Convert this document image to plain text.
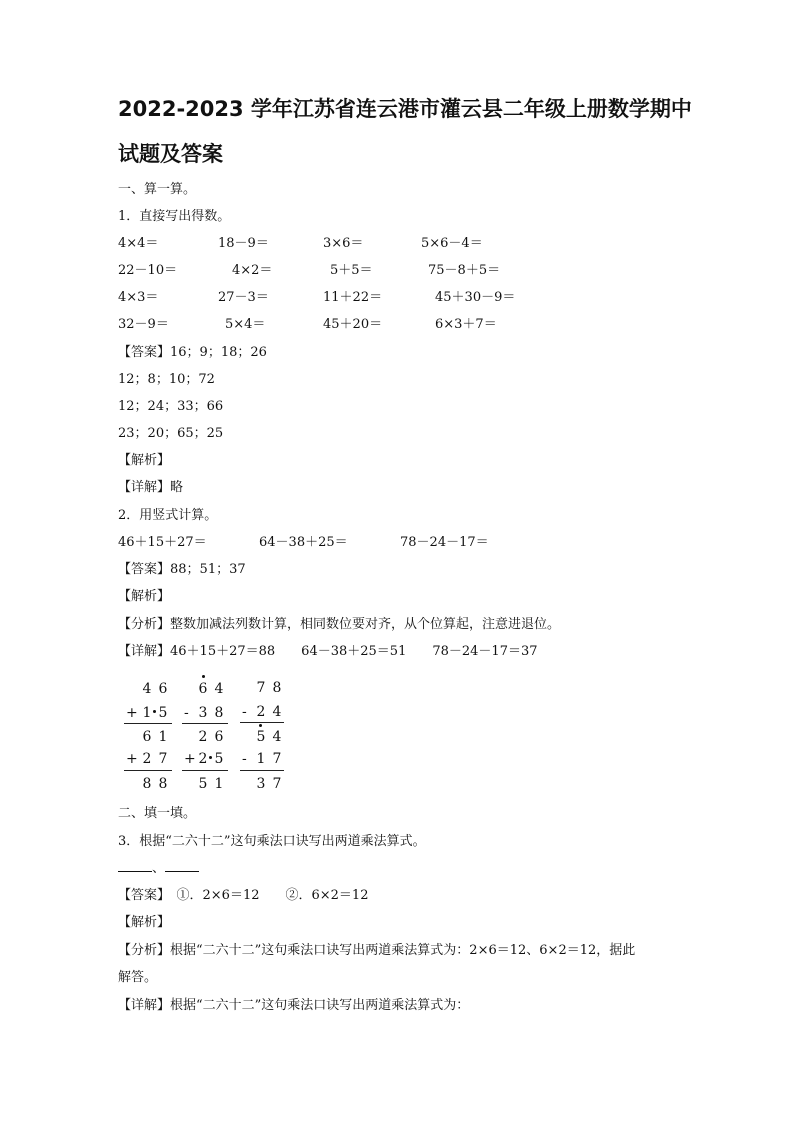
2022-2023 学年江苏省连云港市灌云县二年级上册数学期中
试题及答案
一、算一算。
1．直接写出得数。
4×4＝	18－9＝	3×6＝	5×6－4＝
22－10＝	4×2＝	5＋5＝	75－8＋5＝
4×3＝	27－3＝	11＋22＝	45＋30－9＝
32－9＝	5×4＝	45＋20＝	6×3＋7＝
【答案】16；9；18；26
12；8；10；72
12；24；33；66
23；20；65；25
【解析】
【详解】略
2．用竖式计算。
46＋15＋27＝	64－38＋25＝	78－24－17＝
【答案】88；51；37
【解析】
【分析】整数加减法列数计算，相同数位要对齐，从个位算起，注意进退位。
【详解】46＋15＋27＝88　　64－38＋25＝51　　78－24－17＝37
4 6
+ 1 5
6 1
+ 2 7
8 8
6 4
- 3 8
2 6
+ 2 5
5 1
7 8
- 2 4
5 4
- 1 7
3 7
二、填一填。
3．根据“二六十二”这句乘法口诀写出两道乘法算式。
、
【答案】　①．2×6＝12　　②．6×2＝12
【解析】
【分析】根据“二六十二”这句乘法口诀写出两道乘法算式为：2×6＝12、6×2＝12，据此
解答。
【详解】根据“二六十二”这句乘法口诀写出两道乘法算式为：
